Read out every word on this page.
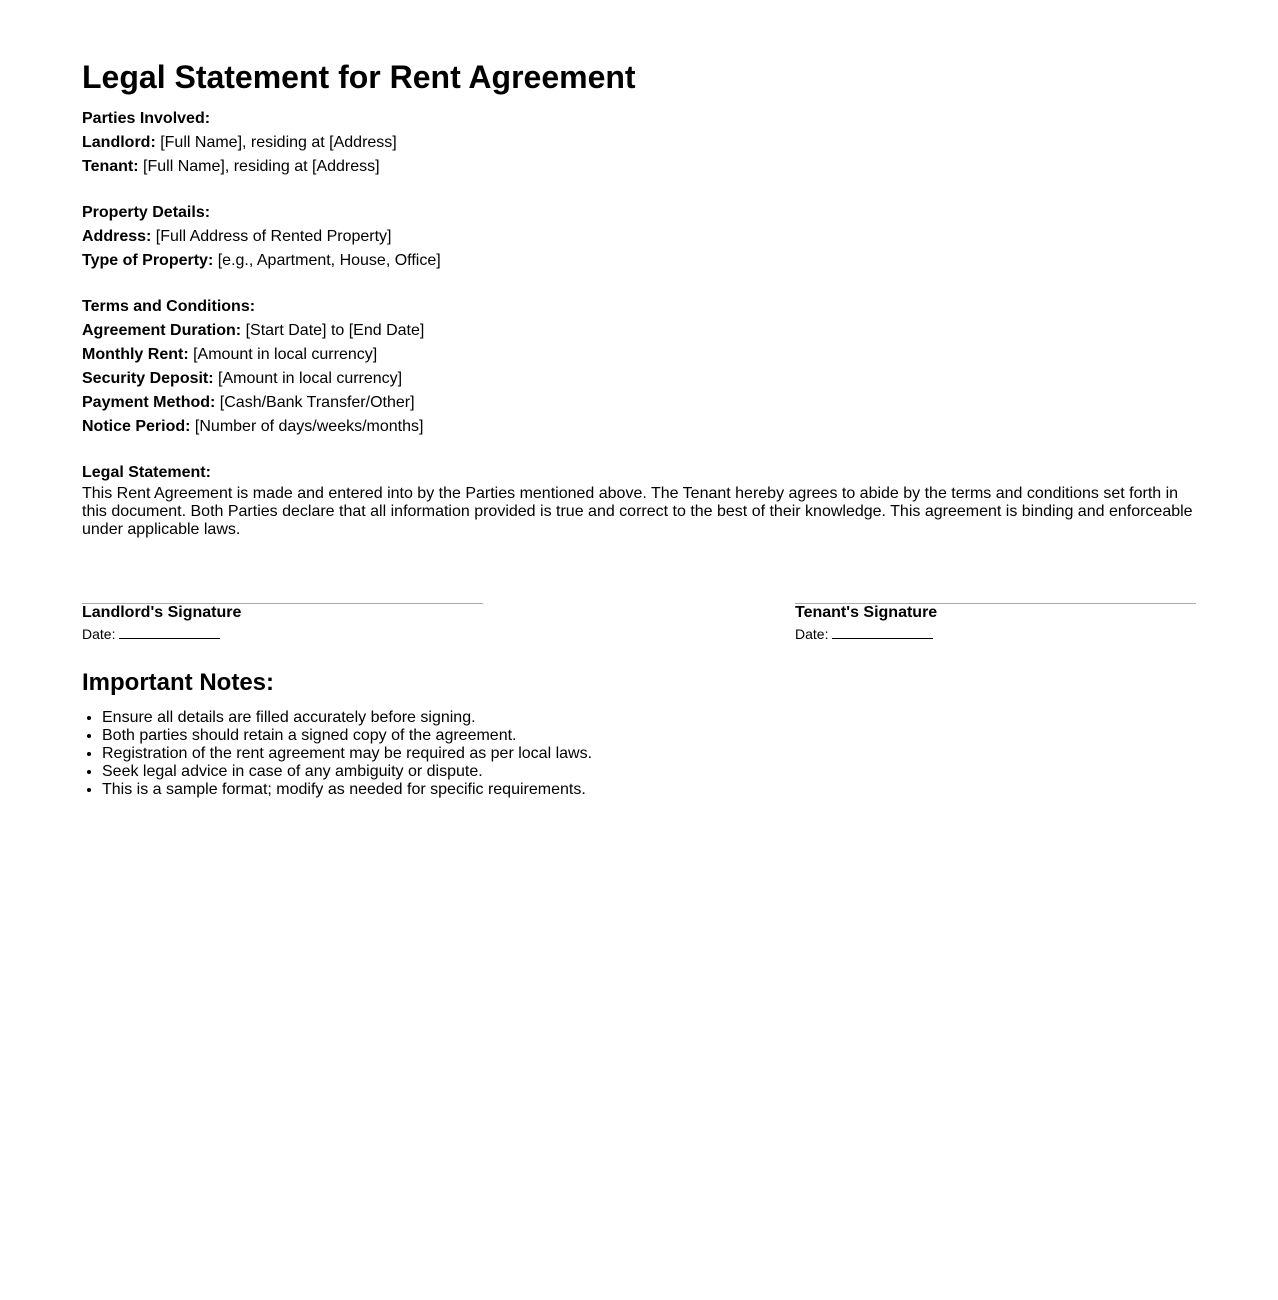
Legal Statement for Rent Agreement
Parties Involved:
Landlord: [Full Name], residing at [Address]
Tenant: [Full Name], residing at [Address]
Property Details:
Address: [Full Address of Rented Property]
Type of Property: [e.g., Apartment, House, Office]
Terms and Conditions:
Agreement Duration: [Start Date] to [End Date]
Monthly Rent: [Amount in local currency]
Security Deposit: [Amount in local currency]
Payment Method: [Cash/Bank Transfer/Other]
Notice Period: [Number of days/weeks/months]
Legal Statement:
This Rent Agreement is made and entered into by the Parties mentioned above. The Tenant hereby agrees to abide by the terms and conditions set forth in this document. Both Parties declare that all information provided is true and correct to the best of their knowledge. This agreement is binding and enforceable under applicable laws.
Landlord's Signature
Date:
Tenant's Signature
Date:
Important Notes:
• Ensure all details are filled accurately before signing.
• Both parties should retain a signed copy of the agreement.
• Registration of the rent agreement may be required as per local laws.
• Seek legal advice in case of any ambiguity or dispute.
• This is a sample format; modify as needed for specific requirements.
